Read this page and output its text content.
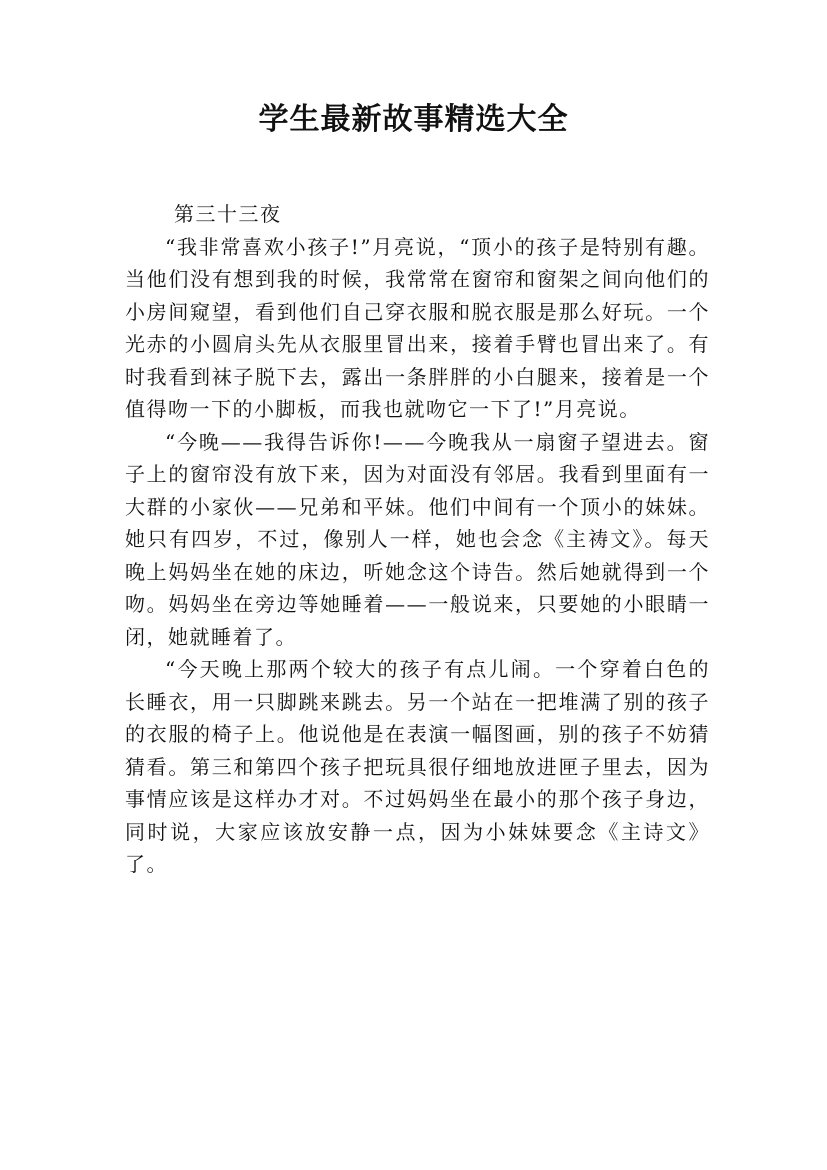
学生最新故事精选大全

第三十三夜

“我非常喜欢小孩子!”月亮说，“顶小的孩子是特别有趣。当他们没有想到我的时候，我常常在窗帘和窗架之间向他们的小房间窥望，看到他们自己穿衣服和脱衣服是那么好玩。一个光赤的小圆肩头先从衣服里冒出来，接着手臂也冒出来了。有时我看到袜子脱下去，露出一条胖胖的小白腿来，接着是一个值得吻一下的小脚板，而我也就吻它一下了!”月亮说。

“今晚——我得告诉你!——今晚我从一扇窗子望进去。窗子上的窗帘没有放下来，因为对面没有邻居。我看到里面有一大群的小家伙——兄弟和平妹。他们中间有一个顶小的妹妹。她只有四岁，不过，像别人一样，她也会念《主祷文》。每天晚上妈妈坐在她的床边，听她念这个诗告。然后她就得到一个吻。妈妈坐在旁边等她睡着——一般说来，只要她的小眼睛一闭，她就睡着了。

“今天晚上那两个较大的孩子有点儿闹。一个穿着白色的长睡衣，用一只脚跳来跳去。另一个站在一把堆满了别的孩子的衣服的椅子上。他说他是在表演一幅图画，别的孩子不妨猜猜看。第三和第四个孩子把玩具很仔细地放进匣子里去，因为事情应该是这样办才对。不过妈妈坐在最小的那个孩子身边，同时说，大家应该放安静一点，因为小妹妹要念《主诗文》了。
